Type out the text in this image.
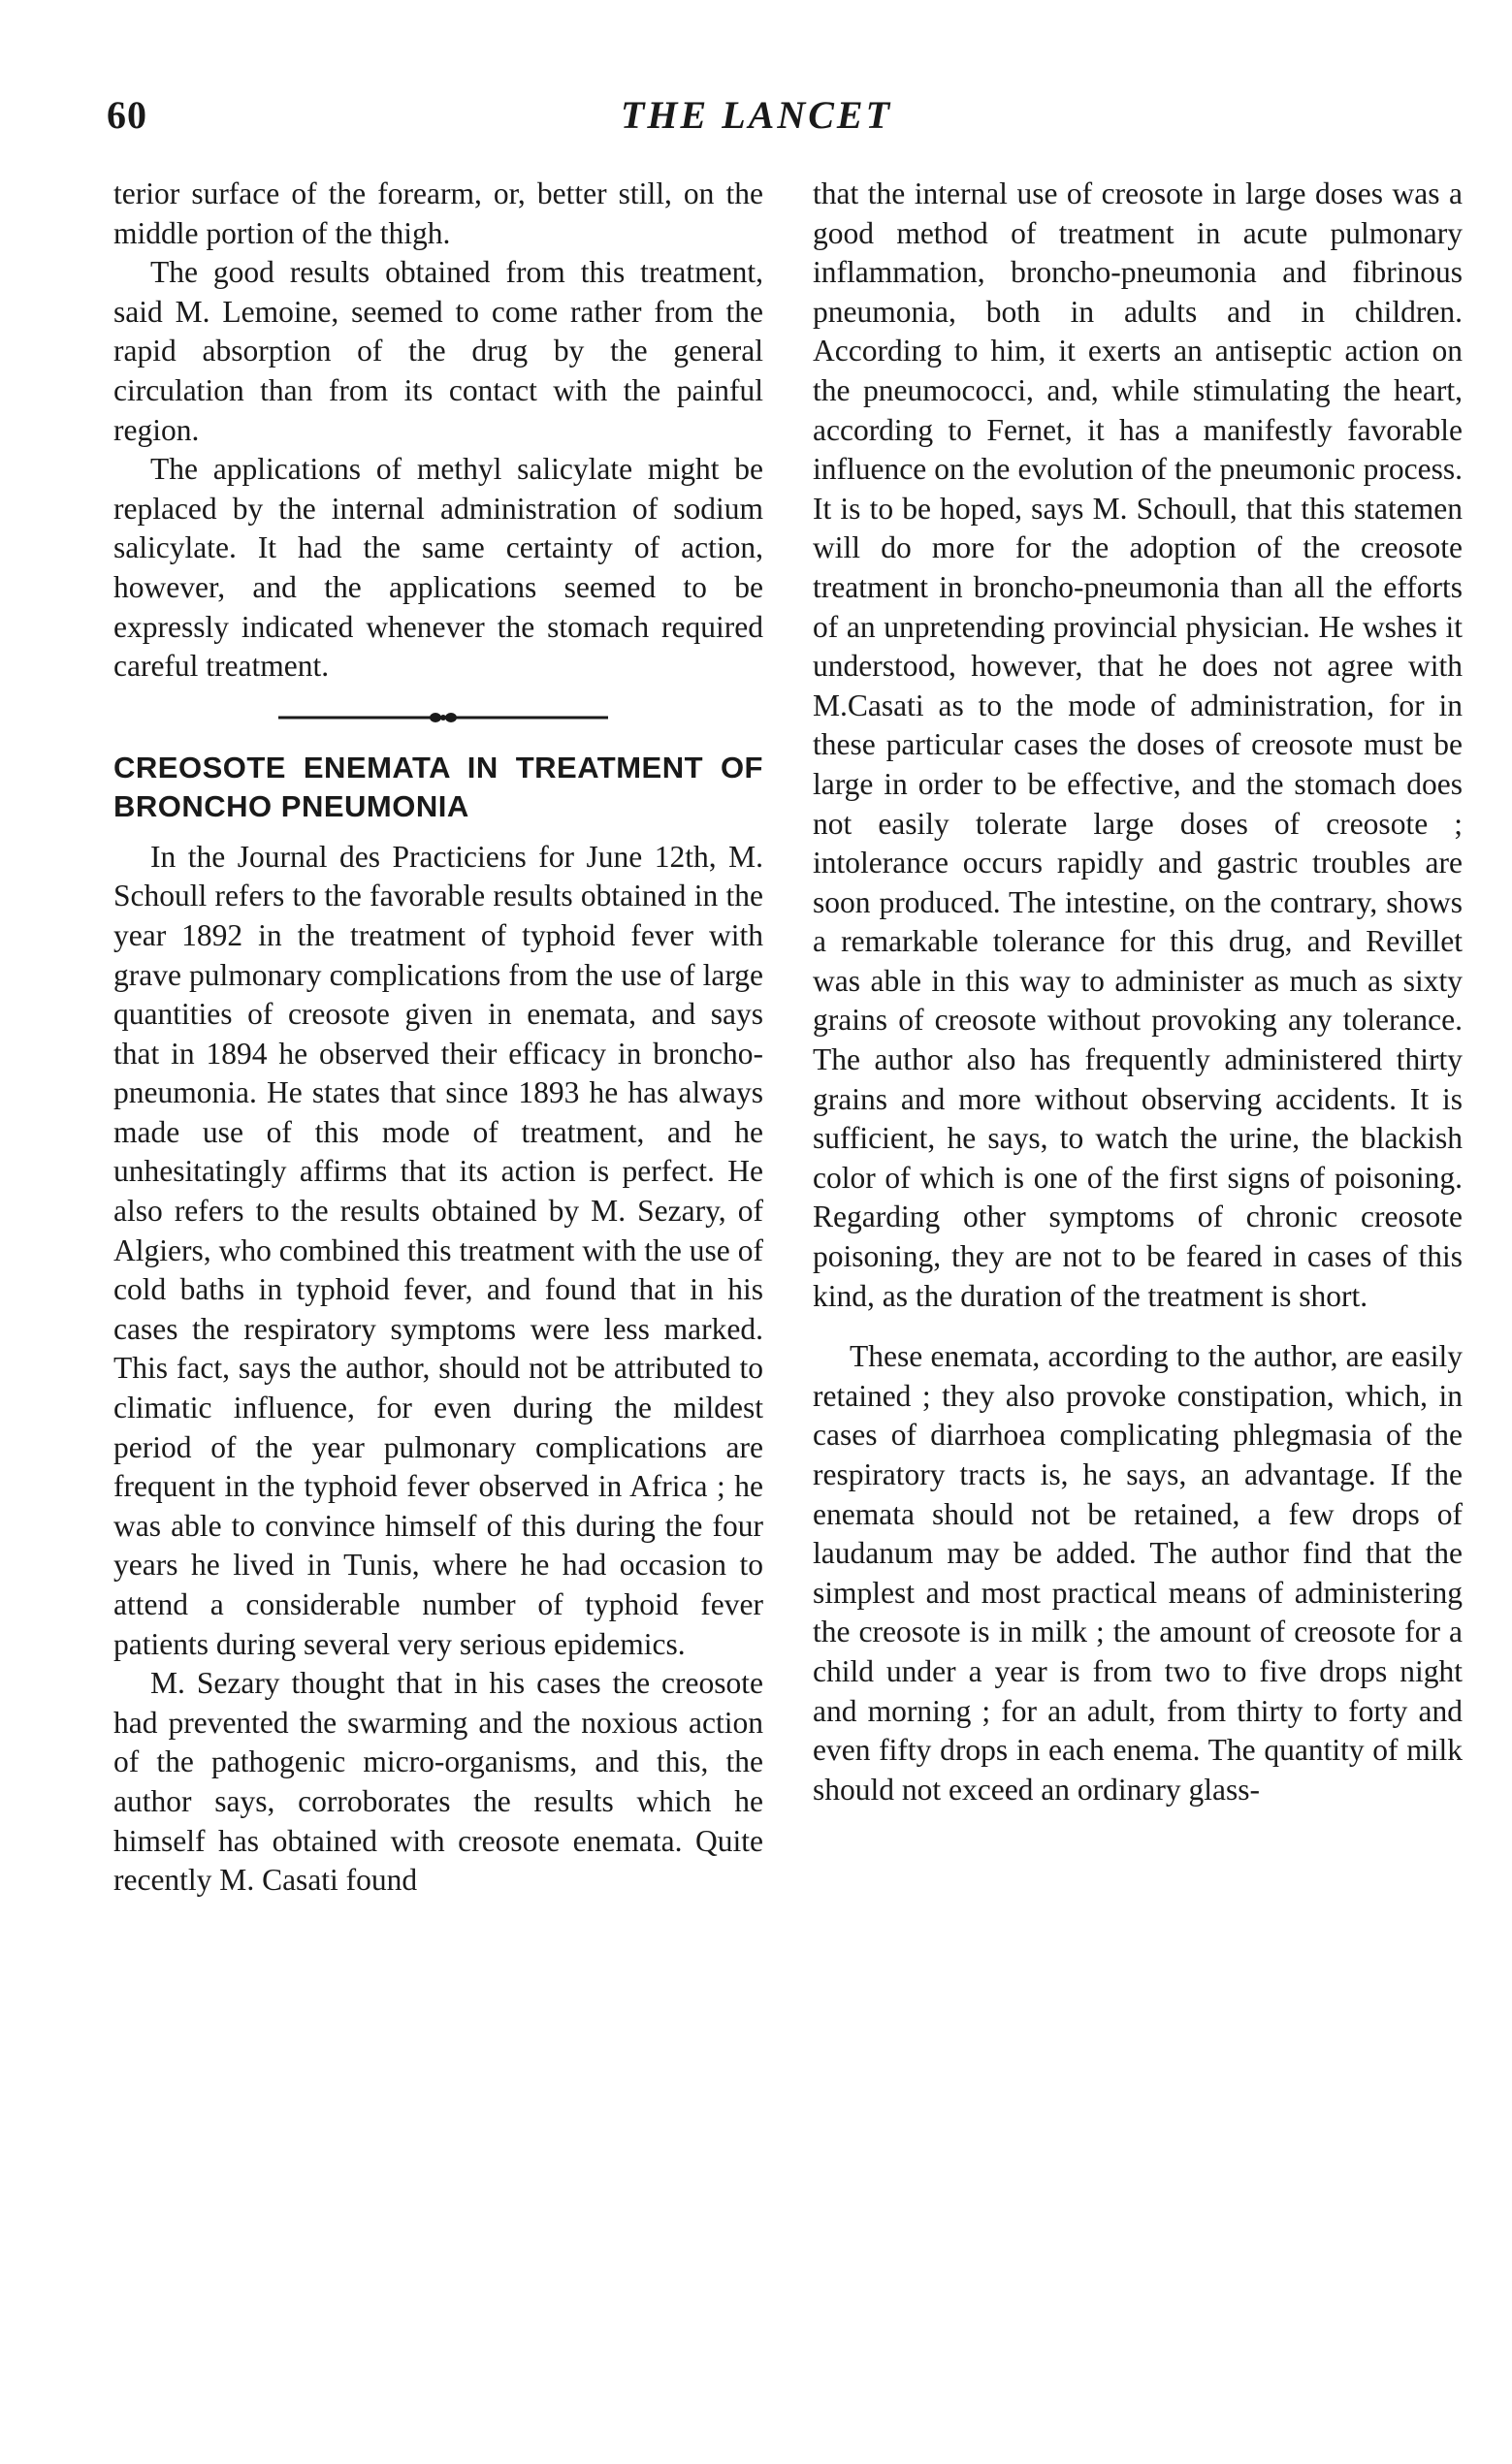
THE LANCET
60

terior surface of the forearm, or, better still, on the middle portion of the thigh.

The good results obtained from this treatment, said M. Lemoine, seemed to come rather from the rapid absorption of the drug by the general circulation than from its contact with the painful region.

The applications of methyl salicylate might be replaced by the internal administration of sodium salicylate. It had the same certainty of action, however, and the applications seemed to be expressly indicated whenever the stomach required careful treatment.

CREOSOTE ENEMATA IN TREATMENT OF BRONCHO PNEUMONIA

In the Journal des Practiciens for June 12th, M. Schoull refers to the favorable results obtained in the year 1892 in the treatment of typhoid fever with grave pulmonary complications from the use of large quantities of creosote given in enemata, and says that in 1894 he observed their efficacy in broncho-pneumonia. He states that since 1893 he has always made use of this mode of treatment, and he unhesitatingly affirms that its action is perfect. He also refers to the results obtained by M. Sezary, of Algiers, who combined this treatment with the use of cold baths in typhoid fever, and found that in his cases the respiratory symptoms were less marked. This fact, says the author, should not be attributed to climatic influence, for even during the mildest period of the year pulmonary complications are frequent in the typhoid fever observed in Africa ; he was able to convince himself of this during the four years he lived in Tunis, where he had occasion to attend a considerable number of typhoid fever patients during several very serious epidemics.

M. Sezary thought that in his cases the creosote had prevented the swarming and the noxious action of the pathogenic micro-organisms, and this, the author says, corroborates the results which he himself has obtained with creosote enemata. Quite recently M. Casati found

that the internal use of creosote in large doses was a good method of treatment in acute pulmonary inflammation, broncho-pneumonia and fibrinous pneumonia, both in adults and in children. According to him, it exerts an antiseptic action on the pneumococci, and, while stimulating the heart, according to Fernet, it has a manifestly favorable influence on the evolution of the pneumonic process. It is to be hoped, says M. Schoull, that this statemen will do more for the adoption of the creosote treatment in broncho-pneumonia than all the efforts of an unpretending provincial physician. He wshes it understood, however, that he does not agree with M.Casati as to the mode of administration, for in these particular cases the doses of creosote must be large in order to be effective, and the stomach does not easily tolerate large doses of creosote ; intolerance occurs rapidly and gastric troubles are soon produced. The intestine, on the contrary, shows a remarkable tolerance for this drug, and Revillet was able in this way to administer as much as sixty grains of creosote without provoking any tolerance. The author also has frequently administered thirty grains and more without observing accidents. It is sufficient, he says, to watch the urine, the blackish color of which is one of the first signs of poisoning. Regarding other symptoms of chronic creosote poisoning, they are not to be feared in cases of this kind, as the duration of the treatment is short.

These enemata, according to the author, are easily retained ; they also provoke constipation, which, in cases of diarrhoea complicating phlegmasia of the respiratory tracts is, he says, an advantage. If the enemata should not be retained, a few drops of laudanum may be added. The author find that the simplest and most practical means of administering the creosote is in milk ; the amount of creosote for a child under a year is from two to five drops night and morning ; for an adult, from thirty to forty and even fifty drops in each enema. The quantity of milk should not exceed an ordinary glass-
